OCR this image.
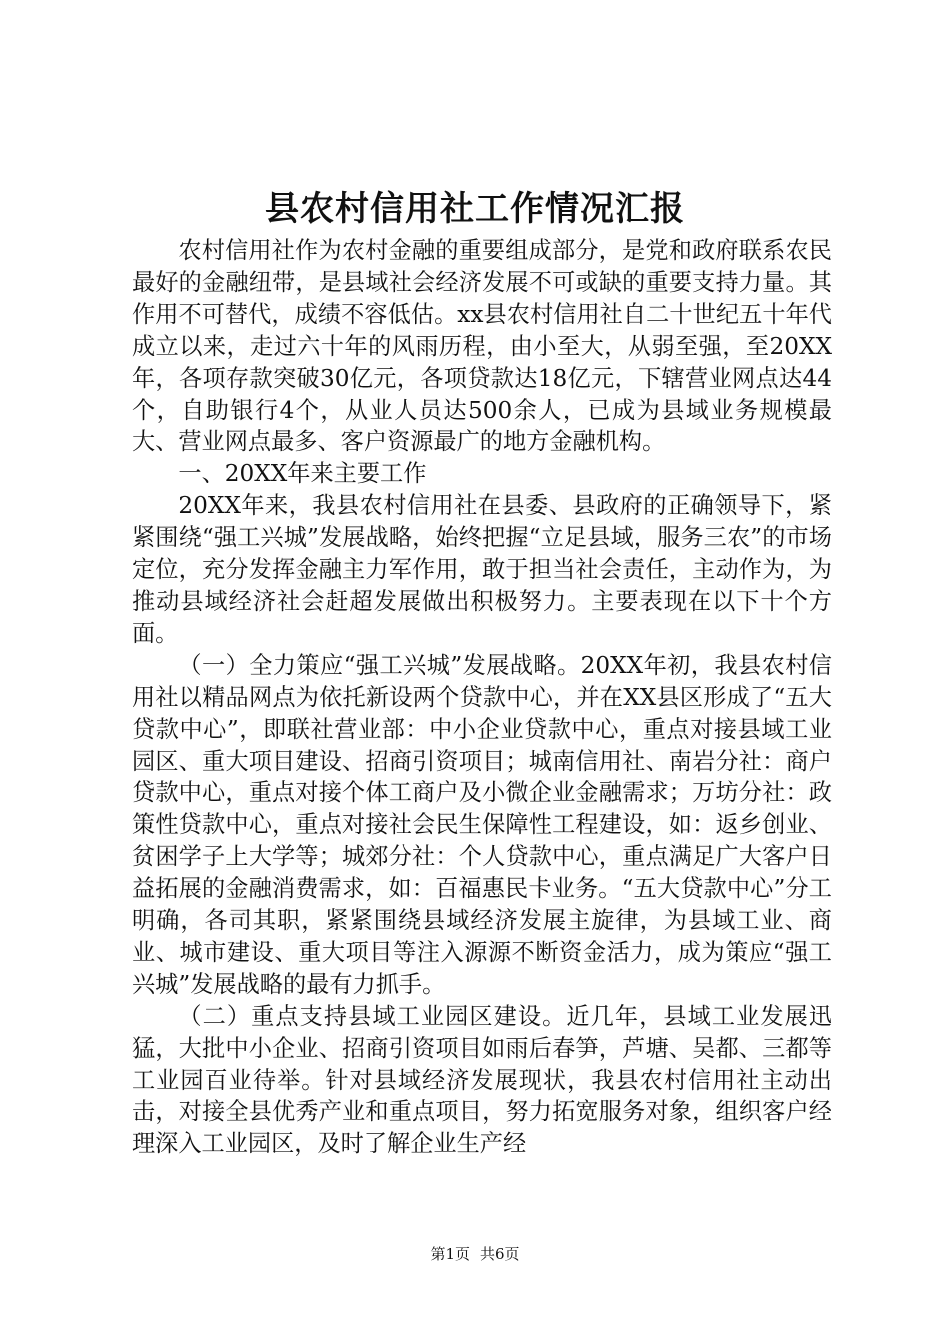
县农村信用社工作情况汇报

农村信用社作为农村金融的重要组成部分，是党和政府联系农民最好的金融纽带，是县域社会经济发展不可或缺的重要支持力量。其作用不可替代，成绩不容低估。xx县农村信用社自二十世纪五十年代成立以来，走过六十年的风雨历程，由小至大，从弱至强，至20XX年，各项存款突破30亿元，各项贷款达18亿元，下辖营业网点达44个，自助银行4个，从业人员达500余人，已成为县域业务规模最大、营业网点最多、客户资源最广的地方金融机构。

一、20XX年来主要工作

20XX年来，我县农村信用社在县委、县政府的正确领导下，紧紧围绕“强工兴城”发展战略，始终把握“立足县域，服务三农”的市场定位，充分发挥金融主力军作用，敢于担当社会责任，主动作为，为推动县域经济社会赶超发展做出积极努力。主要表现在以下十个方面。

（一）全力策应“强工兴城”发展战略。20XX年初，我县农村信用社以精品网点为依托新设两个贷款中心，并在XX县区形成了“五大贷款中心”，即联社营业部：中小企业贷款中心，重点对接县域工业园区、重大项目建设、招商引资项目；城南信用社、南岩分社：商户贷款中心，重点对接个体工商户及小微企业金融需求；万坊分社：政策性贷款中心，重点对接社会民生保障性工程建设，如：返乡创业、贫困学子上大学等；城郊分社：个人贷款中心，重点满足广大客户日益拓展的金融消费需求，如：百福惠民卡业务。“五大贷款中心”分工明确，各司其职，紧紧围绕县域经济发展主旋律，为县域工业、商业、城市建设、重大项目等注入源源不断资金活力，成为策应“强工兴城”发展战略的最有力抓手。

（二）重点支持县域工业园区建设。近几年，县域工业发展迅猛，大批中小企业、招商引资项目如雨后春笋，芦塘、吴都、三都等工业园百业待举。针对县域经济发展现状，我县农村信用社主动出击，对接全县优秀产业和重点项目，努力拓宽服务对象，组织客户经理深入工业园区，及时了解企业生产经

第1页 共6页
